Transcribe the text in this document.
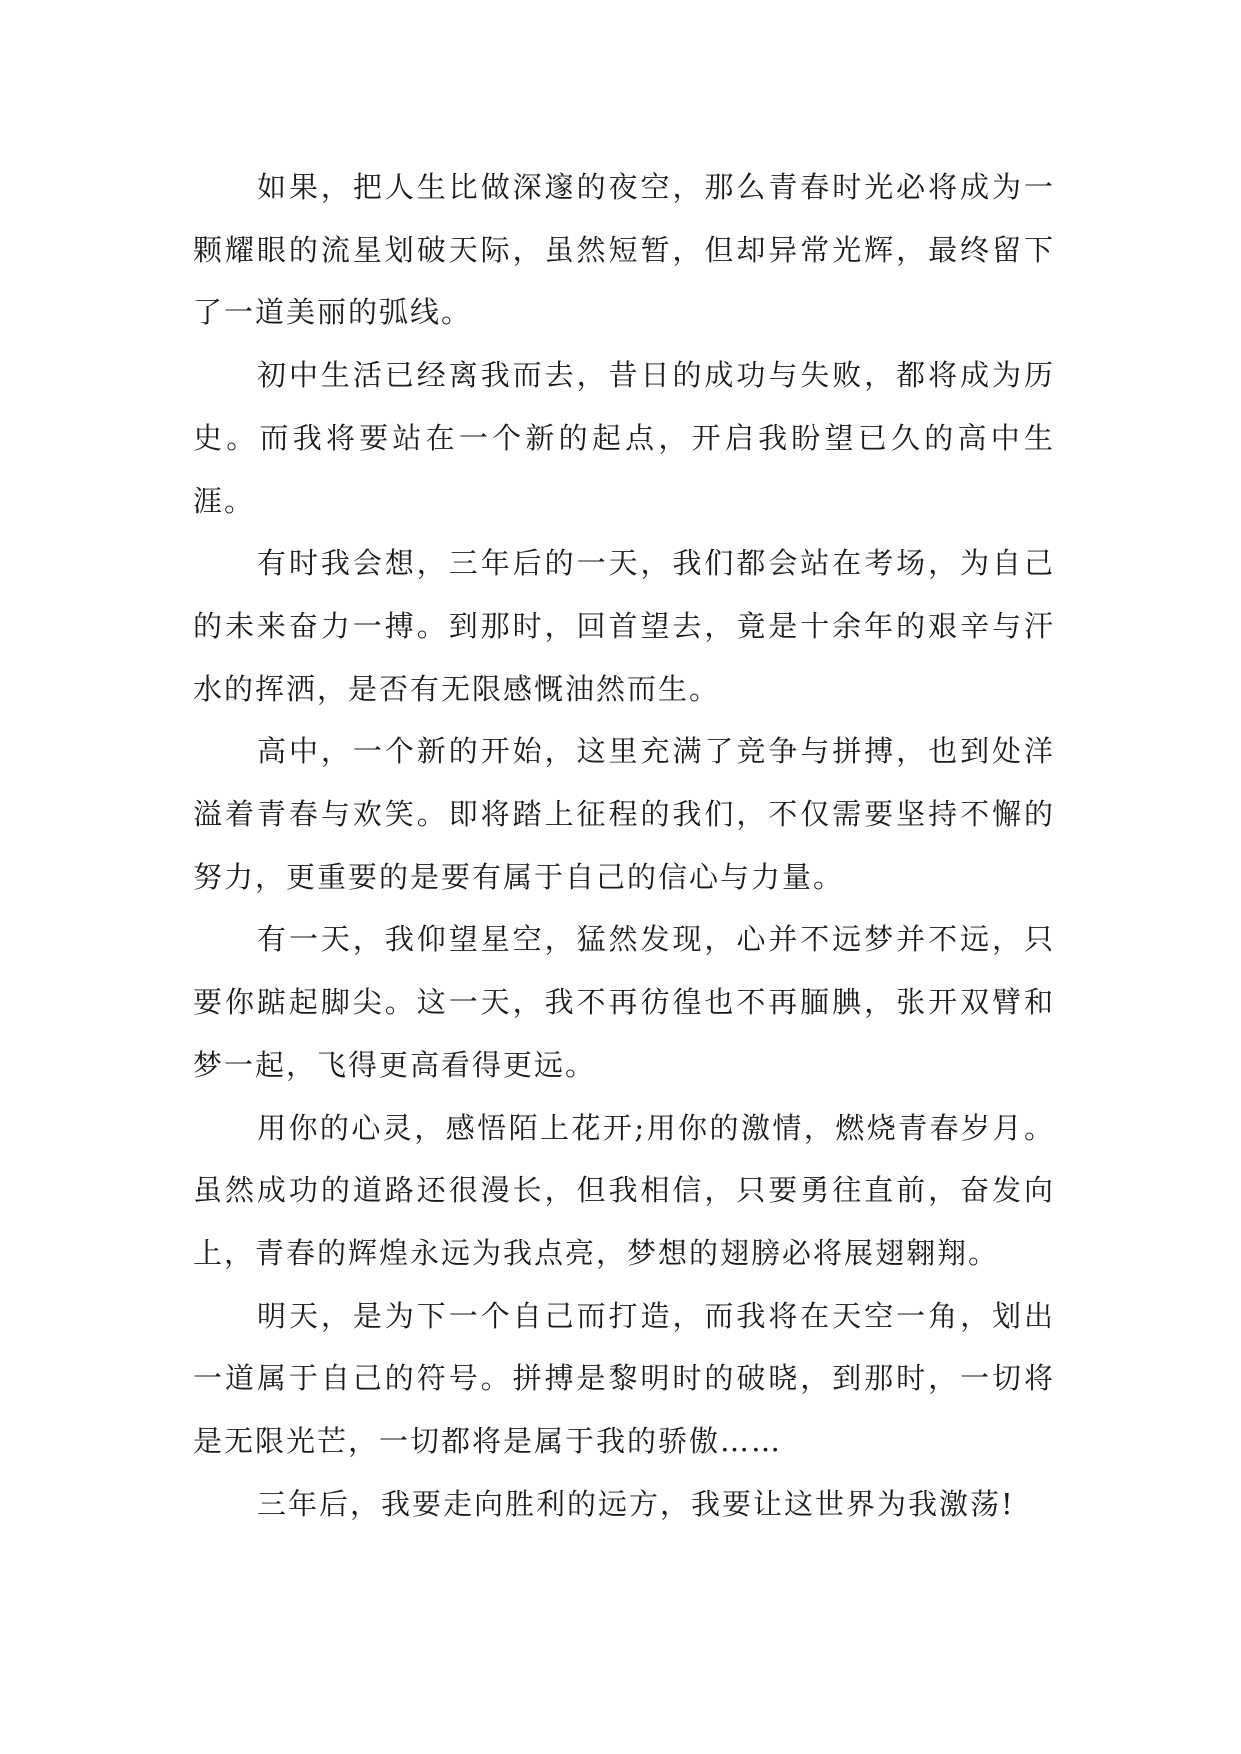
如果，把人生比做深邃的夜空，那么青春时光必将成为一颗耀眼的流星划破天际，虽然短暂，但却异常光辉，最终留下了一道美丽的弧线。

初中生活已经离我而去，昔日的成功与失败，都将成为历史。而我将要站在一个新的起点，开启我盼望已久的高中生涯。

有时我会想，三年后的一天，我们都会站在考场，为自己的未来奋力一搏。到那时，回首望去，竟是十余年的艰辛与汗水的挥洒，是否有无限感慨油然而生。

高中，一个新的开始，这里充满了竞争与拼搏，也到处洋溢着青春与欢笑。即将踏上征程的我们，不仅需要坚持不懈的努力，更重要的是要有属于自己的信心与力量。

有一天，我仰望星空，猛然发现，心并不远梦并不远，只要你踮起脚尖。这一天，我不再彷徨也不再腼腆，张开双臂和梦一起，飞得更高看得更远。

用你的心灵，感悟陌上花开;用你的激情，燃烧青春岁月。虽然成功的道路还很漫长，但我相信，只要勇往直前，奋发向上，青春的辉煌永远为我点亮，梦想的翅膀必将展翅翱翔。

明天，是为下一个自己而打造，而我将在天空一角，划出一道属于自己的符号。拼搏是黎明时的破晓，到那时，一切将是无限光芒，一切都将是属于我的骄傲……

三年后，我要走向胜利的远方，我要让这世界为我激荡!
